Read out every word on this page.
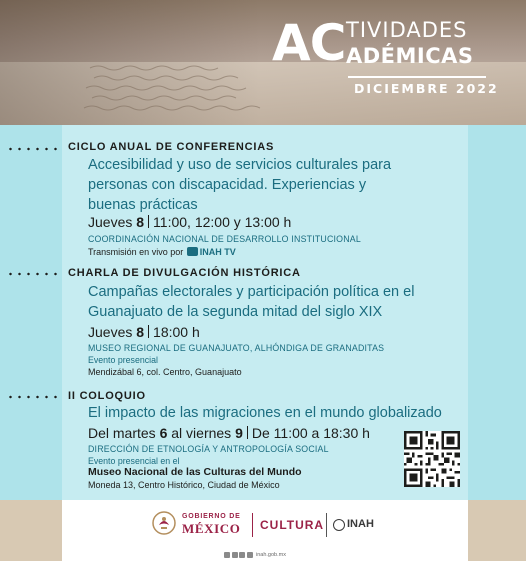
AC TIVIDADES
ADÉMICAS
DICIEMBRE 2022
CICLO ANUAL DE CONFERENCIAS
Accesibilidad y uso de servicios culturales para personas con discapacidad. Experiencias y buenas prácticas
Jueves 8 11:00, 12:00 y 13:00 h
COORDINACIÓN NACIONAL DE DESARROLLO INSTITUCIONAL
Transmisión en vivo por INAH TV
CHARLA DE DIVULGACIÓN HISTÓRICA
Campañas electorales y participación política en el Guanajuato de la segunda mitad del siglo XIX
Jueves 8 18:00 h
MUSEO REGIONAL DE GUANAJUATO, ALHÓNDIGA DE GRANADITAS
Evento presencial
Mendizábal 6, col. Centro, Guanajuato
II COLOQUIO
El impacto de las migraciones en el mundo globalizado
Del martes 6 al viernes 9 De 11:00 a 18:30 h
DIRECCIÓN DE ETNOLOGÍA Y ANTROPOLOGÍA SOCIAL
Evento presencial en el
Museo Nacional de las Culturas del Mundo
Moneda 13, Centro Histórico, Ciudad de México
GOBIERNO DE
MÉXICO CULTURA INAH
inah.gob.mx
